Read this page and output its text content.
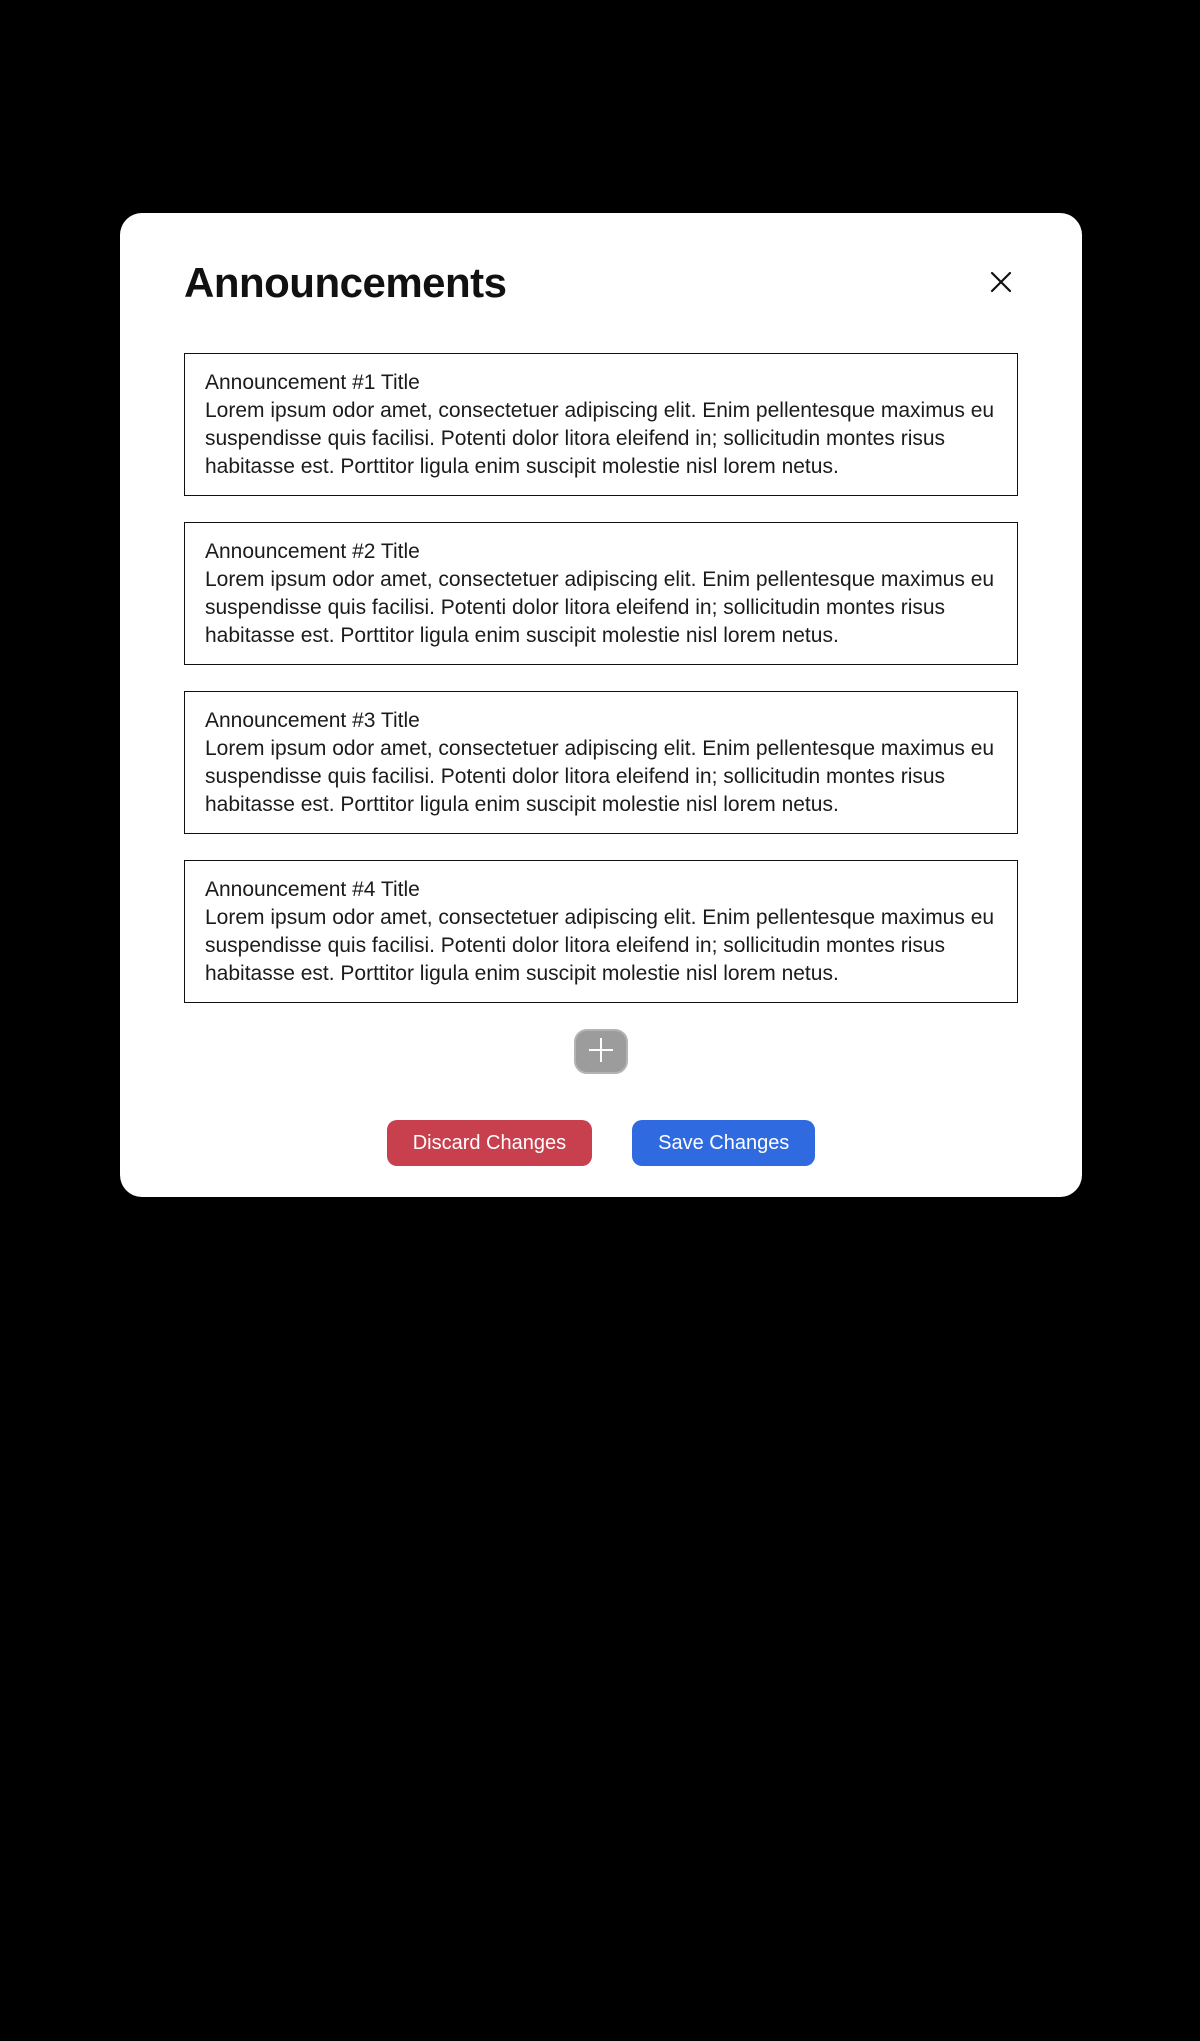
Announcements
Announcement #1 Title
Lorem ipsum odor amet, consectetuer adipiscing elit. Enim pellentesque maximus eu suspendisse quis facilisi. Potenti dolor litora eleifend in; sollicitudin montes risus habitasse est. Porttitor ligula enim suscipit molestie nisl lorem netus.
Announcement #2 Title
Lorem ipsum odor amet, consectetuer adipiscing elit. Enim pellentesque maximus eu suspendisse quis facilisi. Potenti dolor litora eleifend in; sollicitudin montes risus habitasse est. Porttitor ligula enim suscipit molestie nisl lorem netus.
Announcement #3 Title
Lorem ipsum odor amet, consectetuer adipiscing elit. Enim pellentesque maximus eu suspendisse quis facilisi. Potenti dolor litora eleifend in; sollicitudin montes risus habitasse est. Porttitor ligula enim suscipit molestie nisl lorem netus.
Announcement #4 Title
Lorem ipsum odor amet, consectetuer adipiscing elit. Enim pellentesque maximus eu suspendisse quis facilisi. Potenti dolor litora eleifend in; sollicitudin montes risus habitasse est. Porttitor ligula enim suscipit molestie nisl lorem netus.
Discard Changes	Save Changes
